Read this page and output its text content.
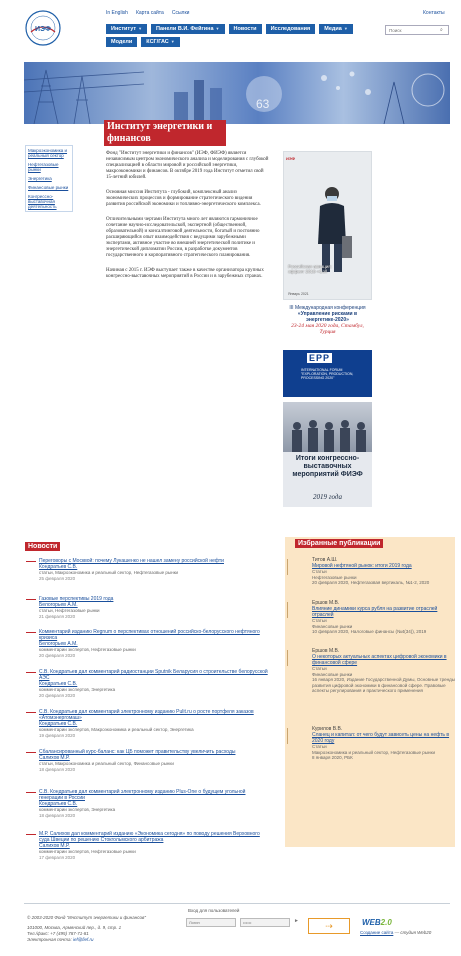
ИЭФ
In English Карта сайта Ссылки	Контакты
Институт ▼	Панели В.И. Фейгина ▼	Новости	Исследования	Медиа ▼
Модели	КСГ/ГАС ▼
Поиск
⌕
63
Институт энергетики и финансов
Макроэкономика и реальный сектор
Нефтегазовые рынки
Энергетика
Финансовые рынки
Конгрессно-выставочная деятельность

Фонд "Институт энергетики и финансов" (ИЭФ, ФИЭФ) является независимым центром экономического анализа и моделирования с глубокой специализацией в области мировой и российской энергетики, макроэкономики и финансов. В октябре 2019 года Институт отметил свой 15-летний юбилей.

Основная миссия Института - глубокий, комплексный анализ экономических процессов и формирование стратегического видения развития российской экономики и топливно-энергетического комплекса.

Отличительными чертами Института много лет являются гармоничное сочетание научно-исследовательской, экспертной (общественной, образовательной) и консалтинговой деятельности, богатый и постоянно расширяющийся опыт взаимодействия с ведущими зарубежными экспертами, активное участие во внешней энергетической политике и энергетической дипломатии России, в разработке документов государственного и корпоративного стратегического планирования.

Начиная с 2015 г. ИЭФ выступает также в качестве организатора крупных конгрессно-выставочных мероприятий в России и в зарубежных странах.

ИЭФ
Российская авиация: эффект 2019 «Coll
Январь 2021
III Международная конференция
«Управление рисками в энергетике-2020»
23-24 мая 2020 года, Стамбул, Турция
EPP
INTERNATIONAL FORUM "EXPLORATION, PRODUCTION, PROCESSING 2020"
Итоги конгрессно-выставочных мероприятий ФИЭФ
2019 года
Новости
Переговоры с Москвой: почему Лукашенко не нашел замену российской нефти
Кондратьев С.В.
статьи, Макроэкономика и реальный сектор, Нефтегазовые рынки
25 февраля 2020
Газовые перспективы 2019 года
Белогорьев А.М.
статьи, Нефтегазовые рынки
21 февраля 2020
Комментарий изданию Regnum о перспективах отношений российско-белорусского нефтяного кризиса
Белогорьев А.М.
комментарии экспертов, Нефтегазовые рынки
20 февраля 2020
С.В. Кондратьев дал комментарий радиостанции Sputnik Беларусия о строительстве белорусской АЭС
Кондратьев С.В.
комментарии экспертов, Энергетика
20 февраля 2020
С.В. Кондратьев дал комментарий электронному изданию Pulit.ru о росте портфеля заказов «Атомэнергомаш»
Кондратьев С.В.
комментарии экспертов, Макроэкономика и реальный сектор, Энергетика
19 февраля 2020
Сбалансированный курс-баланс: как ЦБ поможет правительству увеличить расходы
Салихов М.Р.
статьи, Макроэкономика и реальный сектор, Финансовые рынки
18 февраля 2020
С.В. Кондратьев дал комментарий электронному изданию Plus-One о будущем угольной генерации в России
Кондратьев С.В.
комментарии экспертов, Энергетика
18 февраля 2020
М.Р. Салихов дал комментарий изданию «Экономика сегодня» по поводу решения Верховного суда Швеции по решению Стокгольмского арбитража
Салихов М.Р.
комментарии экспертов, Нефтегазовые рынки
17 февраля 2020
Избранные публикации
Титов А.Ш.
Мировой нефтяной рынок: итоги 2019 года
Статьи
Нефтегазовые рынки
20 февраля 2020, Нефтегазовая вертикаль, №1-2, 2020
Ершов М.В.
Влияние динамики курса рубля на развитие отраслей отраслей
Статьи
Финансовые рынки
10 февраля 2020, Налоговые финансы (№4(34)), 2019
Ершов М.В.
О некоторых актуальных аспектах цифровой экономики в финансовой сфере
Статьи
Финансовые рынки
16 января 2020, Издание Государственной Думы, Основные тренды развития цифровой экономики в финансовой сфере. Правовые аспекты регулирования и практического применения
Курилов В.В.
Сланец и капитал: от чего будут зависеть цены на нефть в 2020 году
Статьи
Макроэкономика и реальный сектор, Нефтегазовые рынки
8 января 2020, РБК
© 2003-2020 Фонд "Институт энергетики и финансов"
101000, Москва, Армянский пер., д. 9, стр. 1
Тел./факс: +7 (495) 787-71-81
Электронная почта: ief@fief.ru
Вход для пользователей
Логин
►	⇢	WEB2.0
Создание сайта — студия Web20
